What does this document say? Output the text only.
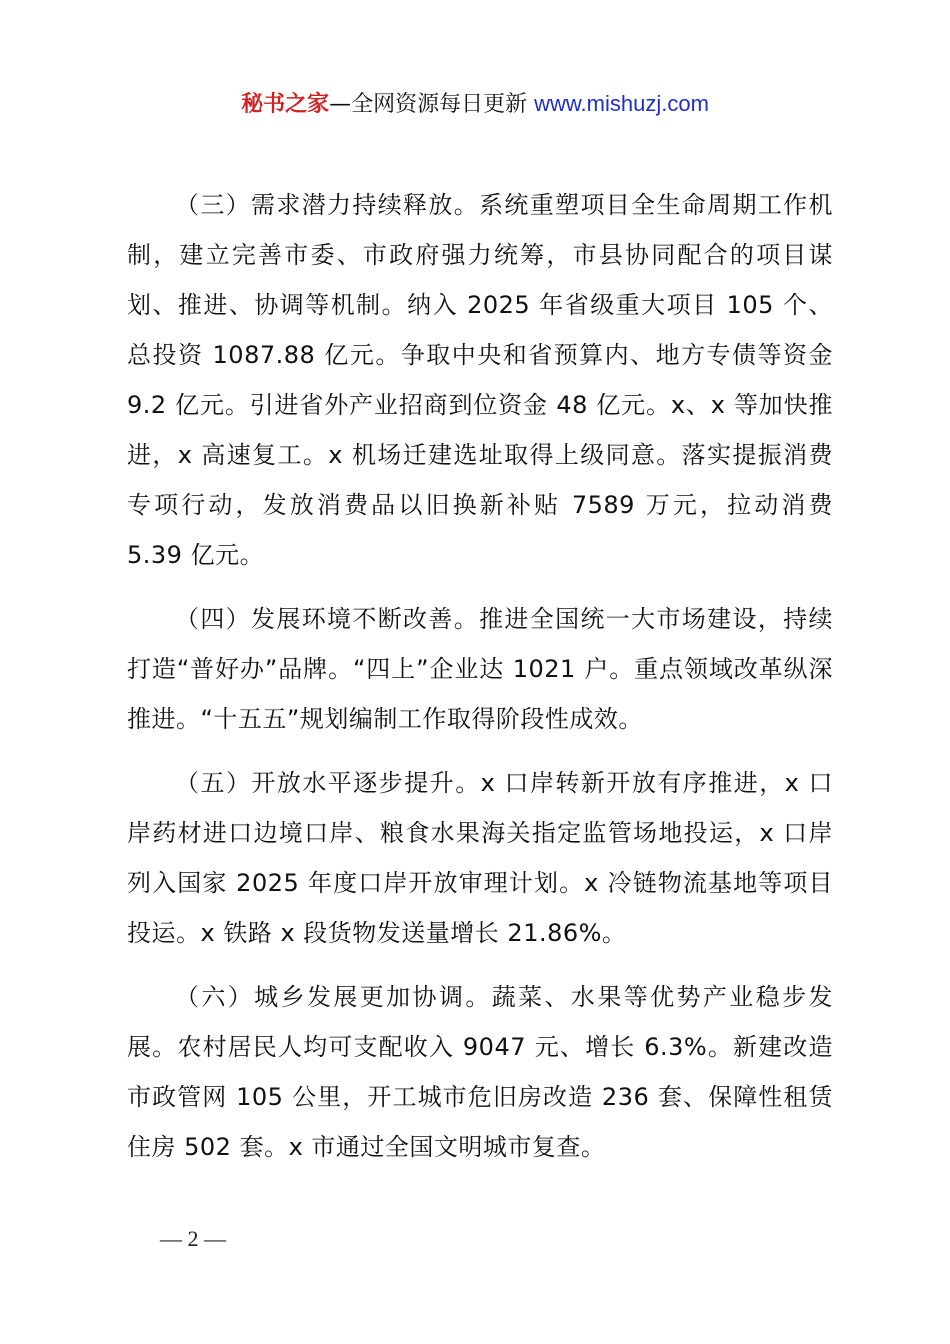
秘书之家—全网资源每日更新 www.mishuzj.com

（三）需求潜力持续释放。系统重塑项目全生命周期工作机制，建立完善市委、市政府强力统筹，市县协同配合的项目谋划、推进、协调等机制。纳入 2025 年省级重大项目 105 个、总投资 1087.88 亿元。争取中央和省预算内、地方专债等资金 9.2 亿元。引进省外产业招商到位资金 48 亿元。x、x 等加快推进，x 高速复工。x 机场迁建选址取得上级同意。落实提振消费专项行动，发放消费品以旧换新补贴 7589 万元，拉动消费 5.39 亿元。

（四）发展环境不断改善。推进全国统一大市场建设，持续打造“普好办”品牌。“四上”企业达 1021 户。重点领域改革纵深推进。“十五五”规划编制工作取得阶段性成效。

（五）开放水平逐步提升。x 口岸转新开放有序推进，x 口岸药材进口边境口岸、粮食水果海关指定监管场地投运，x 口岸列入国家 2025 年度口岸开放审理计划。x 冷链物流基地等项目投运。x 铁路 x 段货物发送量增长 21.86%。

（六）城乡发展更加协调。蔬菜、水果等优势产业稳步发展。农村居民人均可支配收入 9047 元、增长 6.3%。新建改造市政管网 105 公里，开工城市危旧房改造 236 套、保障性租赁住房 502 套。x 市通过全国文明城市复查。

— 2 —
